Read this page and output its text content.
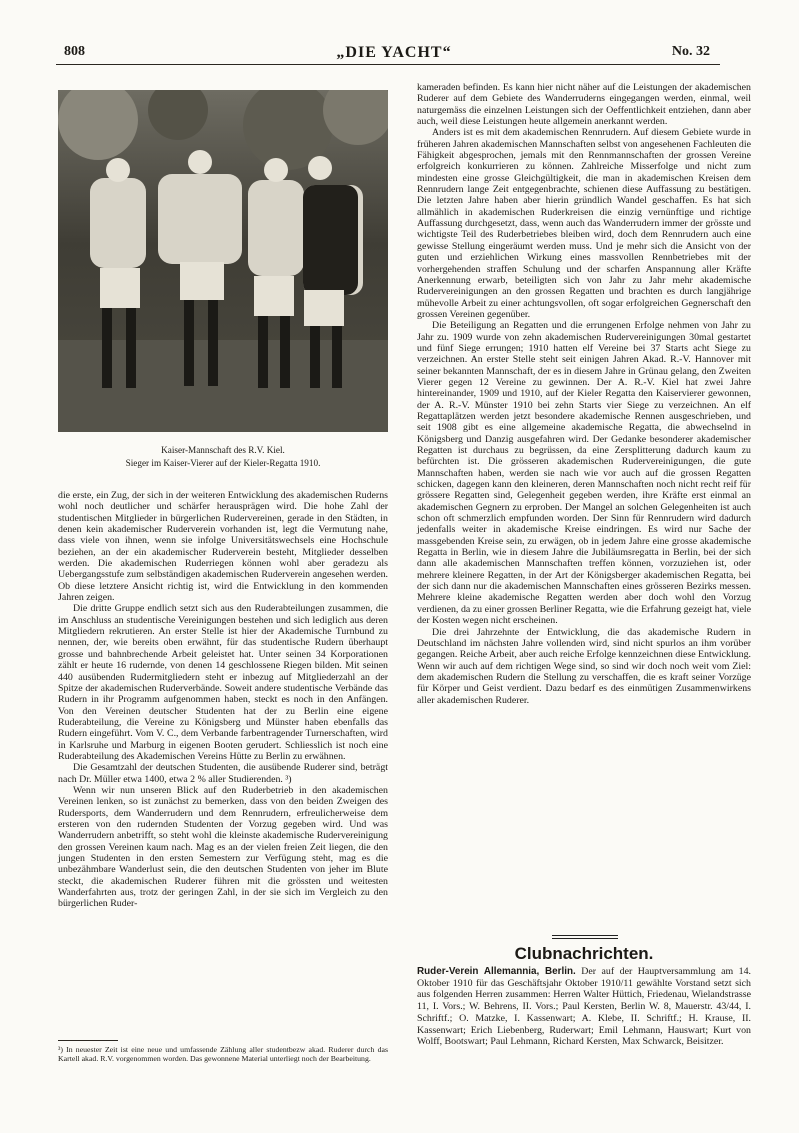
808	„DIE YACHT“	No. 32
Kaiser-Mannschaft des R.V. Kiel.
Sieger im Kaiser-Vierer auf der Kieler-Regatta 1910.

die erste, ein Zug, der sich in der weiteren Entwicklung des akademischen Ruderns wohl noch deutlicher und schärfer herausprägen wird. Die hohe Zahl der studentischen Mitglieder in bürgerlichen Rudervereinen, gerade in den Städten, in denen kein akademischer Ruderverein vorhanden ist, legt die Vermutung nahe, dass viele von ihnen, wenn sie infolge Universitätswechsels eine Hochschule beziehen, an der ein akademischer Ruderverein besteht, Mitglieder desselben werden. Die akademischen Ruderriegen können wohl aber geradezu als Uebergangsstufe zum selbständigen akademischen Ruderverein angesehen werden. Ob diese letztere Ansicht richtig ist, wird die Entwicklung in den kommenden Jahren zeigen.

Die dritte Gruppe endlich setzt sich aus den Ruderabteilungen zusammen, die im Anschluss an studentische Vereinigungen bestehen und sich lediglich aus deren Mitgliedern rekrutieren. An erster Stelle ist hier der Akademische Turnbund zu nennen, der, wie bereits oben erwähnt, für das studentische Rudern überhaupt grosse und bahnbrechende Arbeit geleistet hat. Unter seinen 34 Korporationen zählt er heute 16 rudernde, von denen 14 geschlossene Riegen bilden. Mit seinen 440 ausübenden Rudermitgliedern steht er inbezug auf Mitgliederzahl an der Spitze der akademischen Ruderverbände. Soweit andere studentische Verbände das Rudern in ihr Programm aufgenommen haben, steckt es noch in den Anfängen. Von den Vereinen deutscher Studenten hat der zu Berlin eine eigene Ruderabteilung, die Vereine zu Königsberg und Münster haben ebenfalls das Rudern eingeführt. Vom V. C., dem Verbande farbentragender Turnerschaften, wird in Karlsruhe und Marburg in eigenen Booten gerudert. Schliesslich ist noch eine Ruderabteilung des Akademischen Vereins Hütte zu Berlin zu erwähnen.

Die Gesamtzahl der deutschen Studenten, die ausübende Ruderer sind, beträgt nach Dr. Müller etwa 1400, etwa 2 % aller Studierenden. ³)

Wenn wir nun unseren Blick auf den Ruderbetrieb in den akademischen Vereinen lenken, so ist zunächst zu bemerken, dass von den beiden Zweigen des Rudersports, dem Wanderrudern und dem Rennrudern, erfreulicherweise dem ersteren von den rudernden Studenten der Vorzug gegeben wird. Und was Wanderrudern anbetrifft, so steht wohl die kleinste akademische Rudervereinigung den grossen Vereinen kaum nach. Mag es an der vielen freien Zeit liegen, die den jungen Studenten in den ersten Semestern zur Verfügung steht, mag es die unbezähmbare Wanderlust sein, die den deutschen Studenten von jeher im Blute steckt, die akademischen Ruderer führen mit die grössten und weitesten Wanderfahrten aus, trotz der geringen Zahl, in der sie sich im Vergleich zu den bürgerlichen Ruder-

³) In neuester Zeit ist eine neue und umfassende Zählung aller studentbezw akad. Ruderer durch das Kartell akad. R.V. vorgenommen worden. Das gewonnene Material unterliegt noch der Bearbeitung.

kameraden befinden. Es kann hier nicht näher auf die Leistungen der akademischen Ruderer auf dem Gebiete des Wanderruderns eingegangen werden, einmal, weil naturgemäss die einzelnen Leistungen sich der Oeffentlichkeit entziehen, dann aber auch, weil diese Leistungen heute allgemein anerkannt werden.

Anders ist es mit dem akademischen Rennrudern. Auf diesem Gebiete wurde in früheren Jahren akademischen Mannschaften selbst von angesehenen Fachleuten die Fähigkeit abgesprochen, jemals mit den Rennmannschaften der grossen Vereine erfolgreich konkurrieren zu können. Zahlreiche Misserfolge und nicht zum mindesten eine grosse Gleichgültigkeit, die man in akademischen Kreisen dem Rennrudern lange Zeit entgegenbrachte, schienen diese Auffassung zu bestätigen. Die letzten Jahre haben aber hierin gründlich Wandel geschaffen. Es hat sich allmählich in akademischen Ruderkreisen die einzig vernünftige und richtige Auffassung durchgesetzt, dass, wenn auch das Wanderrudern immer der grösste und wichtigste Teil des Ruderbetriebes bleiben wird, doch dem Rennrudern auch eine gewisse Stellung eingeräumt werden muss. Und je mehr sich die Ansicht von der guten und erziehlichen Wirkung eines massvollen Rennbetriebes mit der vorhergehenden straffen Schulung und der scharfen Anspannung aller Kräfte Anerkennung erwarb, beteiligten sich von Jahr zu Jahr mehr akademische Rudervereinigungen an den grossen Regatten und brachten es durch langjährige mühevolle Arbeit zu einer achtungsvollen, oft sogar erfolgreichen Gegnerschaft den grossen Vereinen gegenüber.

Die Beteiligung an Regatten und die errungenen Erfolge nehmen von Jahr zu Jahr zu. 1909 wurde von zehn akademischen Rudervereinigungen 30mal gestartet und fünf Siege errungen; 1910 hatten elf Vereine bei 37 Starts acht Siege zu verzeichnen. An erster Stelle steht seit einigen Jahren Akad. R.-V. Hannover mit seiner bekannten Mannschaft, der es in diesem Jahre in Grünau gelang, den Zweiten Vierer gegen 12 Vereine zu gewinnen. Der A. R.-V. Kiel hat zwei Jahre hintereinander, 1909 und 1910, auf der Kieler Regatta den Kaiservierer gewonnen, der A. R.-V. Münster 1910 bei zehn Starts vier Siege zu verzeichnen. An elf Regattaplätzen werden jetzt besondere akademische Rennen ausgeschrieben, und seit 1908 gibt es eine allgemeine akademische Regatta, die abwechselnd in Königsberg und Danzig ausgefahren wird. Der Gedanke besonderer akademischer Regatten ist durchaus zu begrüssen, da eine Zersplitterung dadurch kaum zu befürchten ist. Die grösseren akademischen Rudervereinigungen, die gute Mannschaften haben, werden sie nach wie vor auch auf die grossen Regatten schicken, dagegen kann den kleineren, deren Mannschaften noch nicht recht reif für grössere Regatten sind, Gelegenheit gegeben werden, ihre Kräfte erst einmal an akademischen Gegnern zu erproben. Der Mangel an solchen Gelegenheiten ist auch schon oft schmerzlich empfunden worden. Der Sinn für Rennrudern wird dadurch jedenfalls weiter in akademische Kreise eindringen. Es wird nur Sache der massgebenden Kreise sein, zu erwägen, ob in jedem Jahre eine grosse akademische Regatta in Berlin, wie in diesem Jahre die Jubiläumsregatta in Berlin, bei der sich dann alle akademischen Mannschaften treffen können, vorzuziehen ist, oder mehrere kleinere Regatten, in der Art der Königsberger akademischen Regatta, bei der sich dann nur die akademischen Mannschaften eines grösseren Bezirks messen. Mehrere kleine akademische Regatten werden aber doch wohl den Vorzug verdienen, da zu einer grossen Berliner Regatta, wie die Erfahrung gezeigt hat, viele der Kosten wegen nicht erscheinen.

Die drei Jahrzehnte der Entwicklung, die das akademische Rudern in Deutschland im nächsten Jahre vollenden wird, sind nicht spurlos an ihm vorüber gegangen. Reiche Arbeit, aber auch reiche Erfolge kennzeichnen diese Entwicklung. Wenn wir auch auf dem richtigen Wege sind, so sind wir doch noch weit vom Ziel: dem akademischen Rudern die Stellung zu verschaffen, die es kraft seiner Vorzüge für Körper und Geist verdient. Dazu bedarf es des einmütigen Zusammenwirkens aller akademischen Ruderer.

Clubnachrichten.
Ruder-Verein Allemannia, Berlin. Der auf der Hauptversammlung am 14. Oktober 1910 für das Geschäftsjahr Oktober 1910/11 gewählte Vorstand setzt sich aus folgenden Herren zusammen: Herren Walter Hüttich, Friedenau, Wielandstrasse 11, I. Vors.; W. Behrens, II. Vors.; Paul Kersten, Berlin W. 8, Mauerstr. 43/44, I. Schriftf.; O. Matzke, I. Kassenwart; A. Klebe, II. Schriftf.; H. Krause, II. Kassenwart; Erich Liebenberg, Ruderwart; Emil Lehmann, Hauswart; Kurt von Wolff, Bootswart; Paul Lehmann, Richard Kersten, Max Schwarck, Beisitzer.
